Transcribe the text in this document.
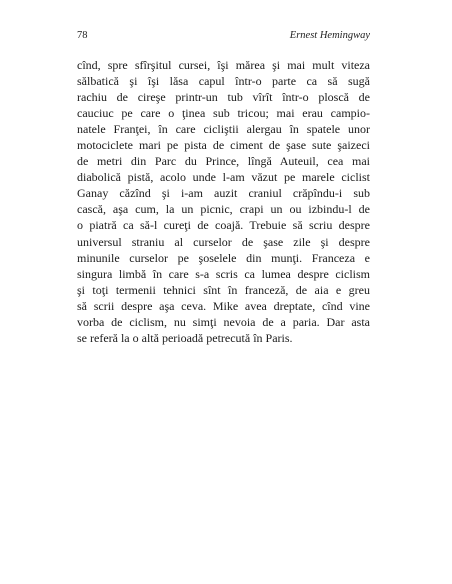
78	Ernest Hemingway
cînd, spre sfîrşitul cursei, îşi mărea şi mai mult viteza
sălbatică şi îşi lăsa capul într-o parte ca să sugă
rachiu de cireşe printr-un tub vîrît într-o ploscă de
cauciuc pe care o ţinea sub tricou; mai erau campio-
natele Franţei, în care cicliştii alergau în spatele unor
motociclete mari pe pista de ciment de şase sute şaizeci
de metri din Parc du Prince, lîngă Auteuil, cea mai
diabolică pistă, acolo unde l-am văzut pe marele ciclist
Ganay căzînd şi i-am auzit craniul crăpîndu-i sub
cască, aşa cum, la un picnic, crapi un ou izbindu-l de
o piatră ca să-l cureţi de coajă. Trebuie să scriu despre
universul straniu al curselor de şase zile şi despre
minunile curselor pe şoselele din munţi. Franceza e
singura limbă în care s-a scris ca lumea despre ciclism
şi toţi termenii tehnici sînt în franceză, de aia e greu
să scrii despre aşa ceva. Mike avea dreptate, cînd vine
vorba de ciclism, nu simţi nevoia de a paria. Dar asta
se referă la o altă perioadă petrecută în Paris.
